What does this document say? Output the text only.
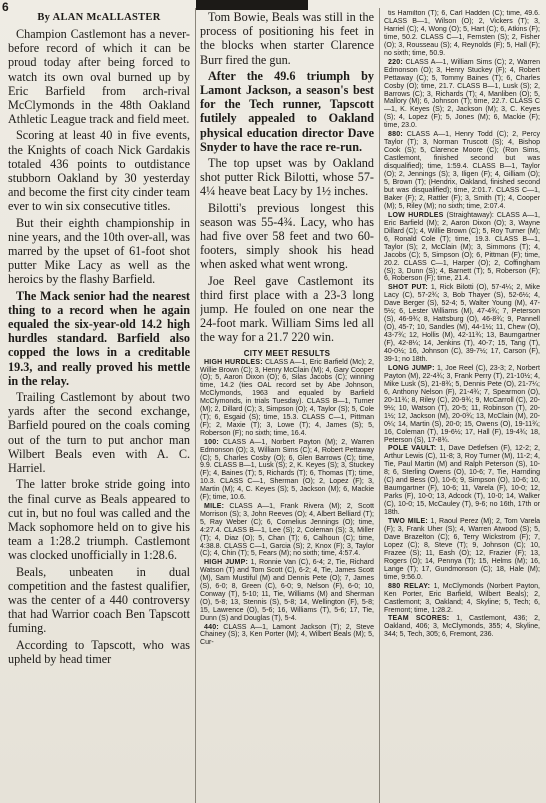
6
By ALAN McALLASTER

Champion Castlemont has a never-before record of which it can be proud today after being forced to watch its own oval burned up by Eric Barfield from arch-rival McClymonds in the 48th Oakland Athletic League track and field meet.

Scoring at least 40 in five events, the Knights of coach Nick Gardakis totaled 436 points to outdistance stubborn Oakland by 30 yesterday and become the first city cinder team ever to win six consecutive titles.

But their eighth championship in nine years, and the 10th over-all, was marred by the upset of 61-foot shot putter Mike Lacy as well as the heroics by the flashy Barfield.

The Mack senior had the nearest thing to a record when he again equaled the six-year-old 14.2 high hurdles standard. Barfield also copped the lows in a creditable 19.3, and really proved his mettle in the relay.

Trailing Castlemont by about two yards after the second exchange, Barfield poured on the coals coming out of the turn to put anchor man Wilbert Beals even with A. C. Harriel.

The latter broke stride going into the final curve as Beals appeared to cut in, but no foul was called and the Mack sophomore held on to give his team a 1:28.2 triumph. Castlemont was clocked unofficially in 1:28.6.

Beals, unbeaten in dual competition and the fastest qualifier, was the center of a 440 controversy that had Warrior coach Ben Tapscott fuming.

According to Tapscott, who was upheld by head timer

Tom Bowie, Beals was still in the process of positioning his feet in the blocks when starter Clarence Burr fired the gun.

After the 49.6 triumph by Lamont Jackson, a season's best for the Tech runner, Tapscott futilely appealed to Oakland physical education director Dave Snyder to have the race re-run.

The top upset was by Oakland shot putter Rick Bilotti, whose 57-4¼ heave beat Lacy by 1½ inches.

Bilotti's previous longest this season was 55-4¾. Lacy, who has had five over 58 feet and two 60-footers, simply shook his head when asked what went wrong.

Joe Reel gave Castlemont its third first place with a 23-3 long jump. He fouled on one near the 24-foot mark. William Sims led all the way for a 21.7 220 win.

CITY MEET RESULTS

HIGH HURDLES: CLASS A—1, Eric Barfield (Mc); 2, Willie Brown (C); 3, Henry McClain (M); 4, Gary Cooper (O); 5, Aaron Dixon (O); 6, Silas Jacobs (C); winning time, 14.2 (ties OAL record set by Abe Johnson, McClymonds, 1963 and equaled by Barfield McClymonds, in trials Tuesday). CLASS B—1, Turner (M); 2, Dillard (C); 3, Simpson (O); 4, Taylor (S); 5, Cole (T); 6, Esgaid (S); time, 15.3. CLASS C—1, Pittman (F); 2, Maxie (T); 3, Lowe (T); 4, James (S); 5, Roberson (F); no sixth; time, 16.4.

100: CLASS A—1, Norbert Payton (M); 2, Warren Edmonson (O); 3, William Sims (C); 4, Robert Pettaway (C); 5, Charles Cosby (O); 6, Glen Barrows (C); time, 9.9. CLASS B—1, Lusk (S); 2, K. Keyes (S); 3, Stuckey (F); 4, Baines (T); 5, Richards (T); 6, Thomas (T); time, 10.3. CLASS C—1, Sherman (O); 2, Lopez (F); 3, Martin (M); 4, C. Keyes (S); 5, Jackson (M); 6, Mackie (F); time, 10.6.

MILE: CLASS A—1, Frank Rivera (M); 2, Scott Morrison (S); 3, John Reeves (O); 4, Albert Belliard (T); 5, Ray Weber (C); 6, Cornelius Jennings (O); time, 4:27.4. CLASS B—1, Lee (S); 2, Coleman (S); 3, Miller (T); 4, Diaz (O); 5, Chan (T); 6, Calhoun (C); time, 4:38.8. CLASS C—1, Garcia (S); 2, Knox (F); 3, Taylor (C); 4, Chin (T); 5, Fears (M); no sixth; time, 4:57.4.

HIGH JUMP: 1, Ronnie Van (C), 6-4; 2, Tie, Richard Watson (T) and Tom Scott (C), 6-2; 4, Tie, James Scott (M), Sam Mustiful (M) and Dennis Pete (O); 7, James (S), 6-0; 8, Green (C), 6-0; 9, Nelson (F), 6-0; 10, Conway (T), 5-10; 11, Tie, Williams (M) and Sherman (O), 5-8; 13, Stennis (S), 5-8; 14, Wellington (F), 5-8; 15, Lawrence (O), 5-6; 16, Williams (T), 5-6; 17, Tie, Dunn (S) and Douglas (T), 5-4.

440: CLASS A—1, Lamont Jackson (T); 2, Steve Chainey (S); 3, Ken Porter (M); 4, Wilbert Beals (M); 5, Cur-

tis Hamilton (T); 6, Carl Hadden (C); time, 49.6. CLASS B—1, Wilson (O); 2, Vickers (T); 3, Harriel (C); 4, Wong (O); 5, Hart (C); 6, Atkins (F); time, 50.2. CLASS C—1, Fernsten (S); 2, Fisher (O); 3, Rousseau (S); 4, Reynolds (F); 5, Hall (F); no sixth; time, 50.9.

220: CLASS A—1, William Sims (C); 2, Warren Edmonson (O); 3, Henry Stuckey (F); 4, Robert Pettaway (C); 5, Tommy Baines (T); 6, Charles Cosby (O); time, 21.7. CLASS B—1, Lusk (S); 2, Barrows (C); 3, Richards (T); 4, Manliben (O); 5, Mallory (M); 6, Johnson (T); time, 22.7. CLASS C—1, K. Keyes (S); 2, Jackson (M); 3, C. Keyes (S); 4, Lopez (F); 5, Jones (M); 6, Mackie (F); time, 23.0.

880: CLASS A—1, Henry Todd (C); 2, Percy Taylor (T); 3, Norman Truscott (S); 4, Bishop Cook (S); 5, Clarence Moore (C); (Ron Sims, Castlemont, finished second but was disqualified); time, 1:59.4. CLASS B—1, Taylor (O); 2, Jennings (S); 3, Iligen (F); 4, Gilliam (O); 5, Brown (T); (Hendrix, Oakland, finished second but was disqualified); time, 2:01.7. CLASS C—1, Baker (F); 2, Rattler (F); 3, Smith (T); 4, Cooper (M); 5, Riley (M); no sixth; time, 2:07.4.

LOW HURDLES (Straightaway): CLASS A—1, Eric Barfield (M); 2, Aaron Dixon (O); 3, Wayne Dillard (C); 4, Willie Brown (C); 5, Roy Turner (M); 6, Ronald Cole (T); time, 19.3. CLASS B—1, Taylor (S); 2, McClain (M); 3, Simmons (T); 4, Jacobs (C); 5, Simpson (O); 6, Pittman (F); time, 20.2. CLASS C—1, Harper (O); 2, Coffingham (S); 3, Dunn (S); 4, Barnett (T); 5, Roberson (F); 6, Roberson (F); time, 21.4.

SHOT PUT: 1, Rick Bilotti (O), 57-4¼; 2, Mike Lacy (C), 57-2¾; 3, Bob Thayer (S), 52-6½; 4, Dave Berger (S), 52-4; 5, Walter Young (M), 47-5½; 6, Lester Williams (M), 47-4¾; 7, Peterson (S), 46-9¾; 8, Hattsburg (O), 46-8¾; 9, Pannell (O), 45-7; 10, Sandles (M), 44-1½; 11, Chew (O), 43-7¾; 12, Hollis (M), 42-11¾; 13, Baumgartner (F), 42-8¼; 14, Jenkins (T), 40-7; 15, Tang (T), 40-0½; 16, Johnson (C), 39-7½; 17, Carson (F), 39-1; no 18th.

LONG JUMP: 1, Joe Reel (C), 23-3; 2, Norbert Payton (M), 22-4¾; 3, Frank Perry (T), 21-10½; 4, Mike Lusk (S), 21-8¾; 5, Dennis Pete (O), 21-7¼; 6, Anthony Nelson (F), 21-4¾; 7, Spearmon (O), 20-11¾; 8, Riley (C), 20-9¾; 9, McCarroll (C), 20-9½; 10, Watson (T), 20-5; 11, Robinson (T), 20-1½; 12, Jackson (M), 20-0¾; 13, McClain (M), 20-0¼; 14, Martin (S), 20-0; 15, Owens (O), 19-11¾; 16, Coleman (T), 19-6½; 17, Hall (F), 19-4¾; 18, Peterson (S), 17-8¾.

POLE VAULT: 1, Dave Detlefsen (F), 12-2; 2, Arthur Lewis (C), 11-8; 3, Roy Turner (M), 11-2; 4, Tie, Paul Martin (M) and Ralph Peterson (S), 10-8; 6, Sterling Owens (O), 10-6; 7, Tie, Harnding (C) and Bess (O), 10-6; 9, Simpson (O), 10-6; 10, Baumgartner (F), 10-6; 11, Varela (F), 10-0; 12, Parks (F), 10-0; 13, Adcock (T), 10-0; 14, Walker (C), 10-0; 15, McCauley (T), 9-6; no 16th, 17th or 18th.

TWO MILE: 1, Raoul Perez (M); 2, Tom Varela (F); 3, Frank Uher (S); 4, Warren Atwood (S); 5, Dave Brazelton (C); 6, Terry Wickstrom (F); 7, Lopez (C); 8, Steve (T); 9, Johnson (C); 10, Frazee (S); 11, Eash (O); 12, Frazier (F); 13, Rogers (O); 14, Pennya (T); 15, Helms (M); 16, Lange (T); 17, Gundmonson (C); 18, Hale (M); time, 9:56.0.

880 RELAY: 1, McClymonds (Norbert Payton, Ken Porter, Eric Barfield, Wilbert Beals); 2, Castlemont; 3, Oakland; 4, Skyline; 5, Tech; 6, Fremont; time, 1:28.2.

TEAM SCORES: 1, Castlemont, 436; 2, Oakland, 406; 3, McClymonds, 355; 4, Skyline, 344; 5, Tech, 305; 6, Fremont, 236.
